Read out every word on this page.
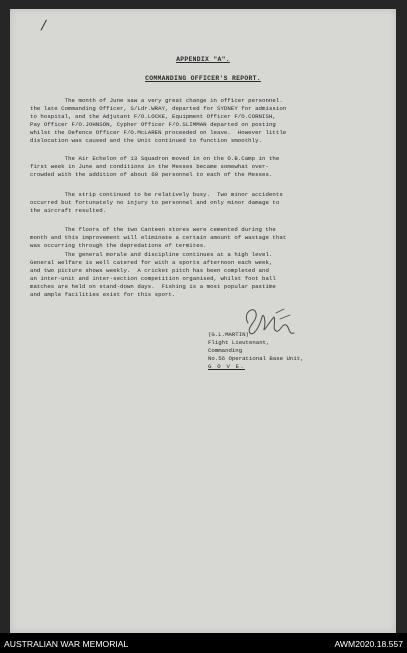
APPENDIX "A".
COMMANDING OFFICER'S REPORT.

The month of June saw a very great change in officer personnel.
the late Commanding Officer, S/Ldr.WRAY, departed for SYDNEY for admission
to hospital, and the Adjutant F/O.LOCKE, Equipment Officer F/O.CORNISH,
Pay Officer F/O.JOHNSON, Cypher Officer F/O.SLIMMAN departed on posting
whilst the Defence Officer F/O.McLAREN proceeded on leave.  However little
dislocation was caused and the Unit continued to function smoothly.

The Air Echelon of 13 Squadron moved in on the O.B.Camp in the
first week in June and conditions in the Messes became somewhat over-
crowded with the addition of about 60 personnel to each of the Messes.

The strip continued to be relatively busy.  Two minor accidents
occurred but fortunately no injury to personnel and only minor damage to
the aircraft resulted.

The floors of the two Canteen stores were cemented during the
month and this improvement will eliminate a certain amount of wastage that
was occurring through the depredations of termites.

The general morale and discipline continues at a high level.
General welfare is well catered for with a sports afternoon each week,
and two picture shows weekly.  A cricket pitch has been completed and
an inter-unit and inter-section competition organised, whilst foot ball
matches are held on stand-down days.  Fishing is a most popular pastime
and ample facilities exist for this sport.

(G.L.MARTIN)
Flight Lieutenant,
Commanding
No.56 Operational Base Unit,
G O V E.
AUSTRALIAN WAR MEMORIAL	AWM2020.18.557
